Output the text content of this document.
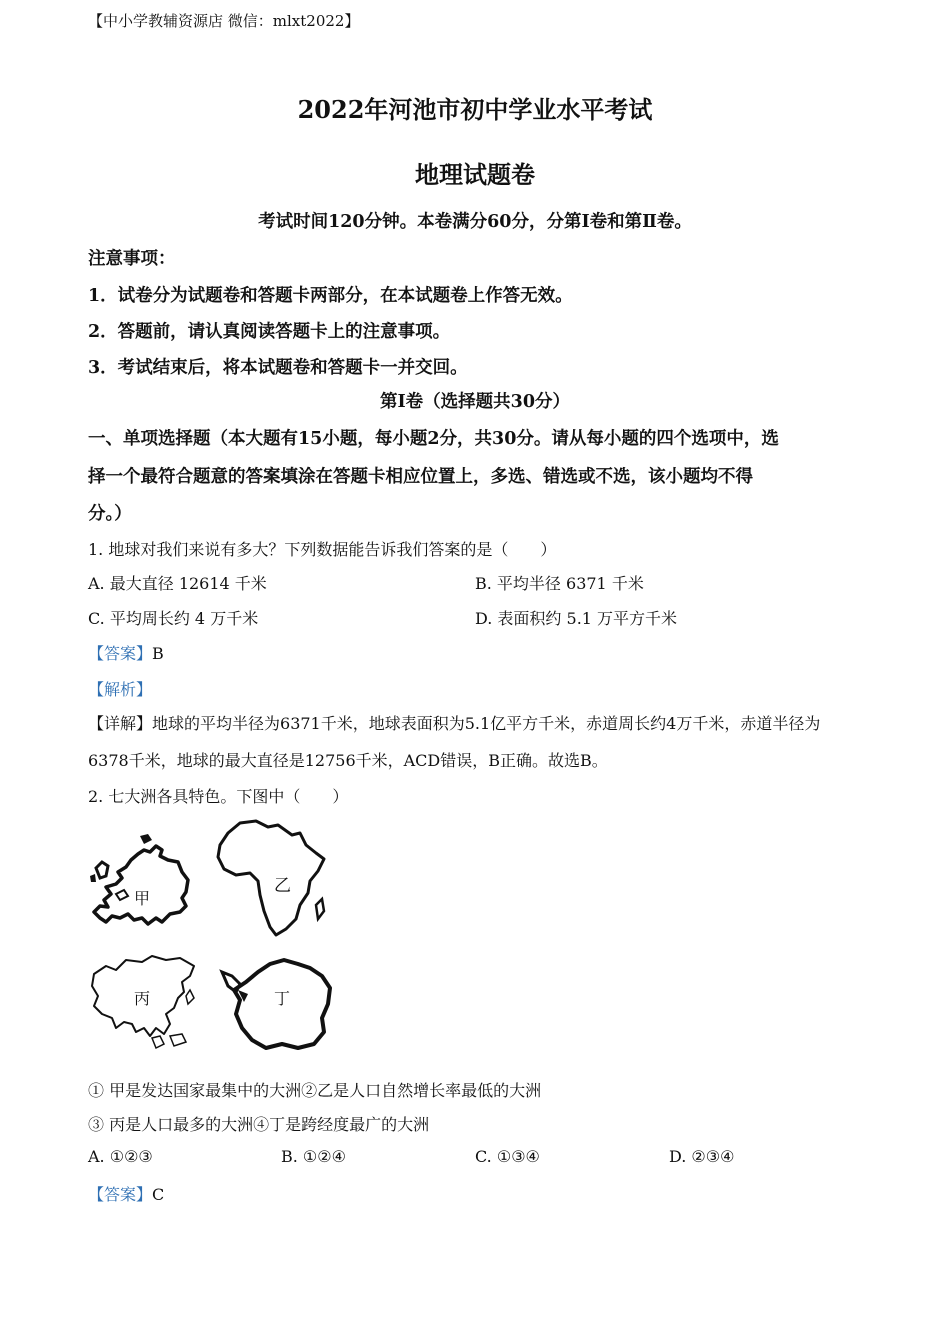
【中小学教辅资源店 微信：mlxt2022】
2022年河池市初中学业水平考试
地理试题卷
考试时间120分钟。本卷满分60分，分第Ⅰ卷和第Ⅱ卷。
注意事项：
1．试卷分为试题卷和答题卡两部分，在本试题卷上作答无效。
2．答题前，请认真阅读答题卡上的注意事项。
3．考试结束后，将本试题卷和答题卡一并交回。
第Ⅰ卷（选择题共30分）
一、单项选择题（本大题有15小题，每小题2分，共30分。请从每小题的四个选项中，选
择一个最符合题意的答案填涂在答题卡相应位置上，多选、错选或不选，该小题均不得
分。）
1. 地球对我们来说有多大？下列数据能告诉我们答案的是（　　）
A. 最大直径 12614 千米	B. 平均半径 6371 千米
C. 平均周长约 4 万千米	D. 表面积约 5.1 万平方千米
【答案】B
【解析】
【详解】地球的平均半径为6371千米，地球表面积为5.1亿平方千米，赤道周长约4万千米，赤道半径为
6378千米，地球的最大直径是12756千米，ACD错误，B正确。故选B。
2. 七大洲各具特色。下图中（　　）
甲
乙
丙	丁
① 甲是发达国家最集中的大洲②乙是人口自然增长率最低的大洲
③ 丙是人口最多的大洲④丁是跨经度最广的大洲
A. ①②③	B. ①②④	C. ①③④	D. ②③④
【答案】C
